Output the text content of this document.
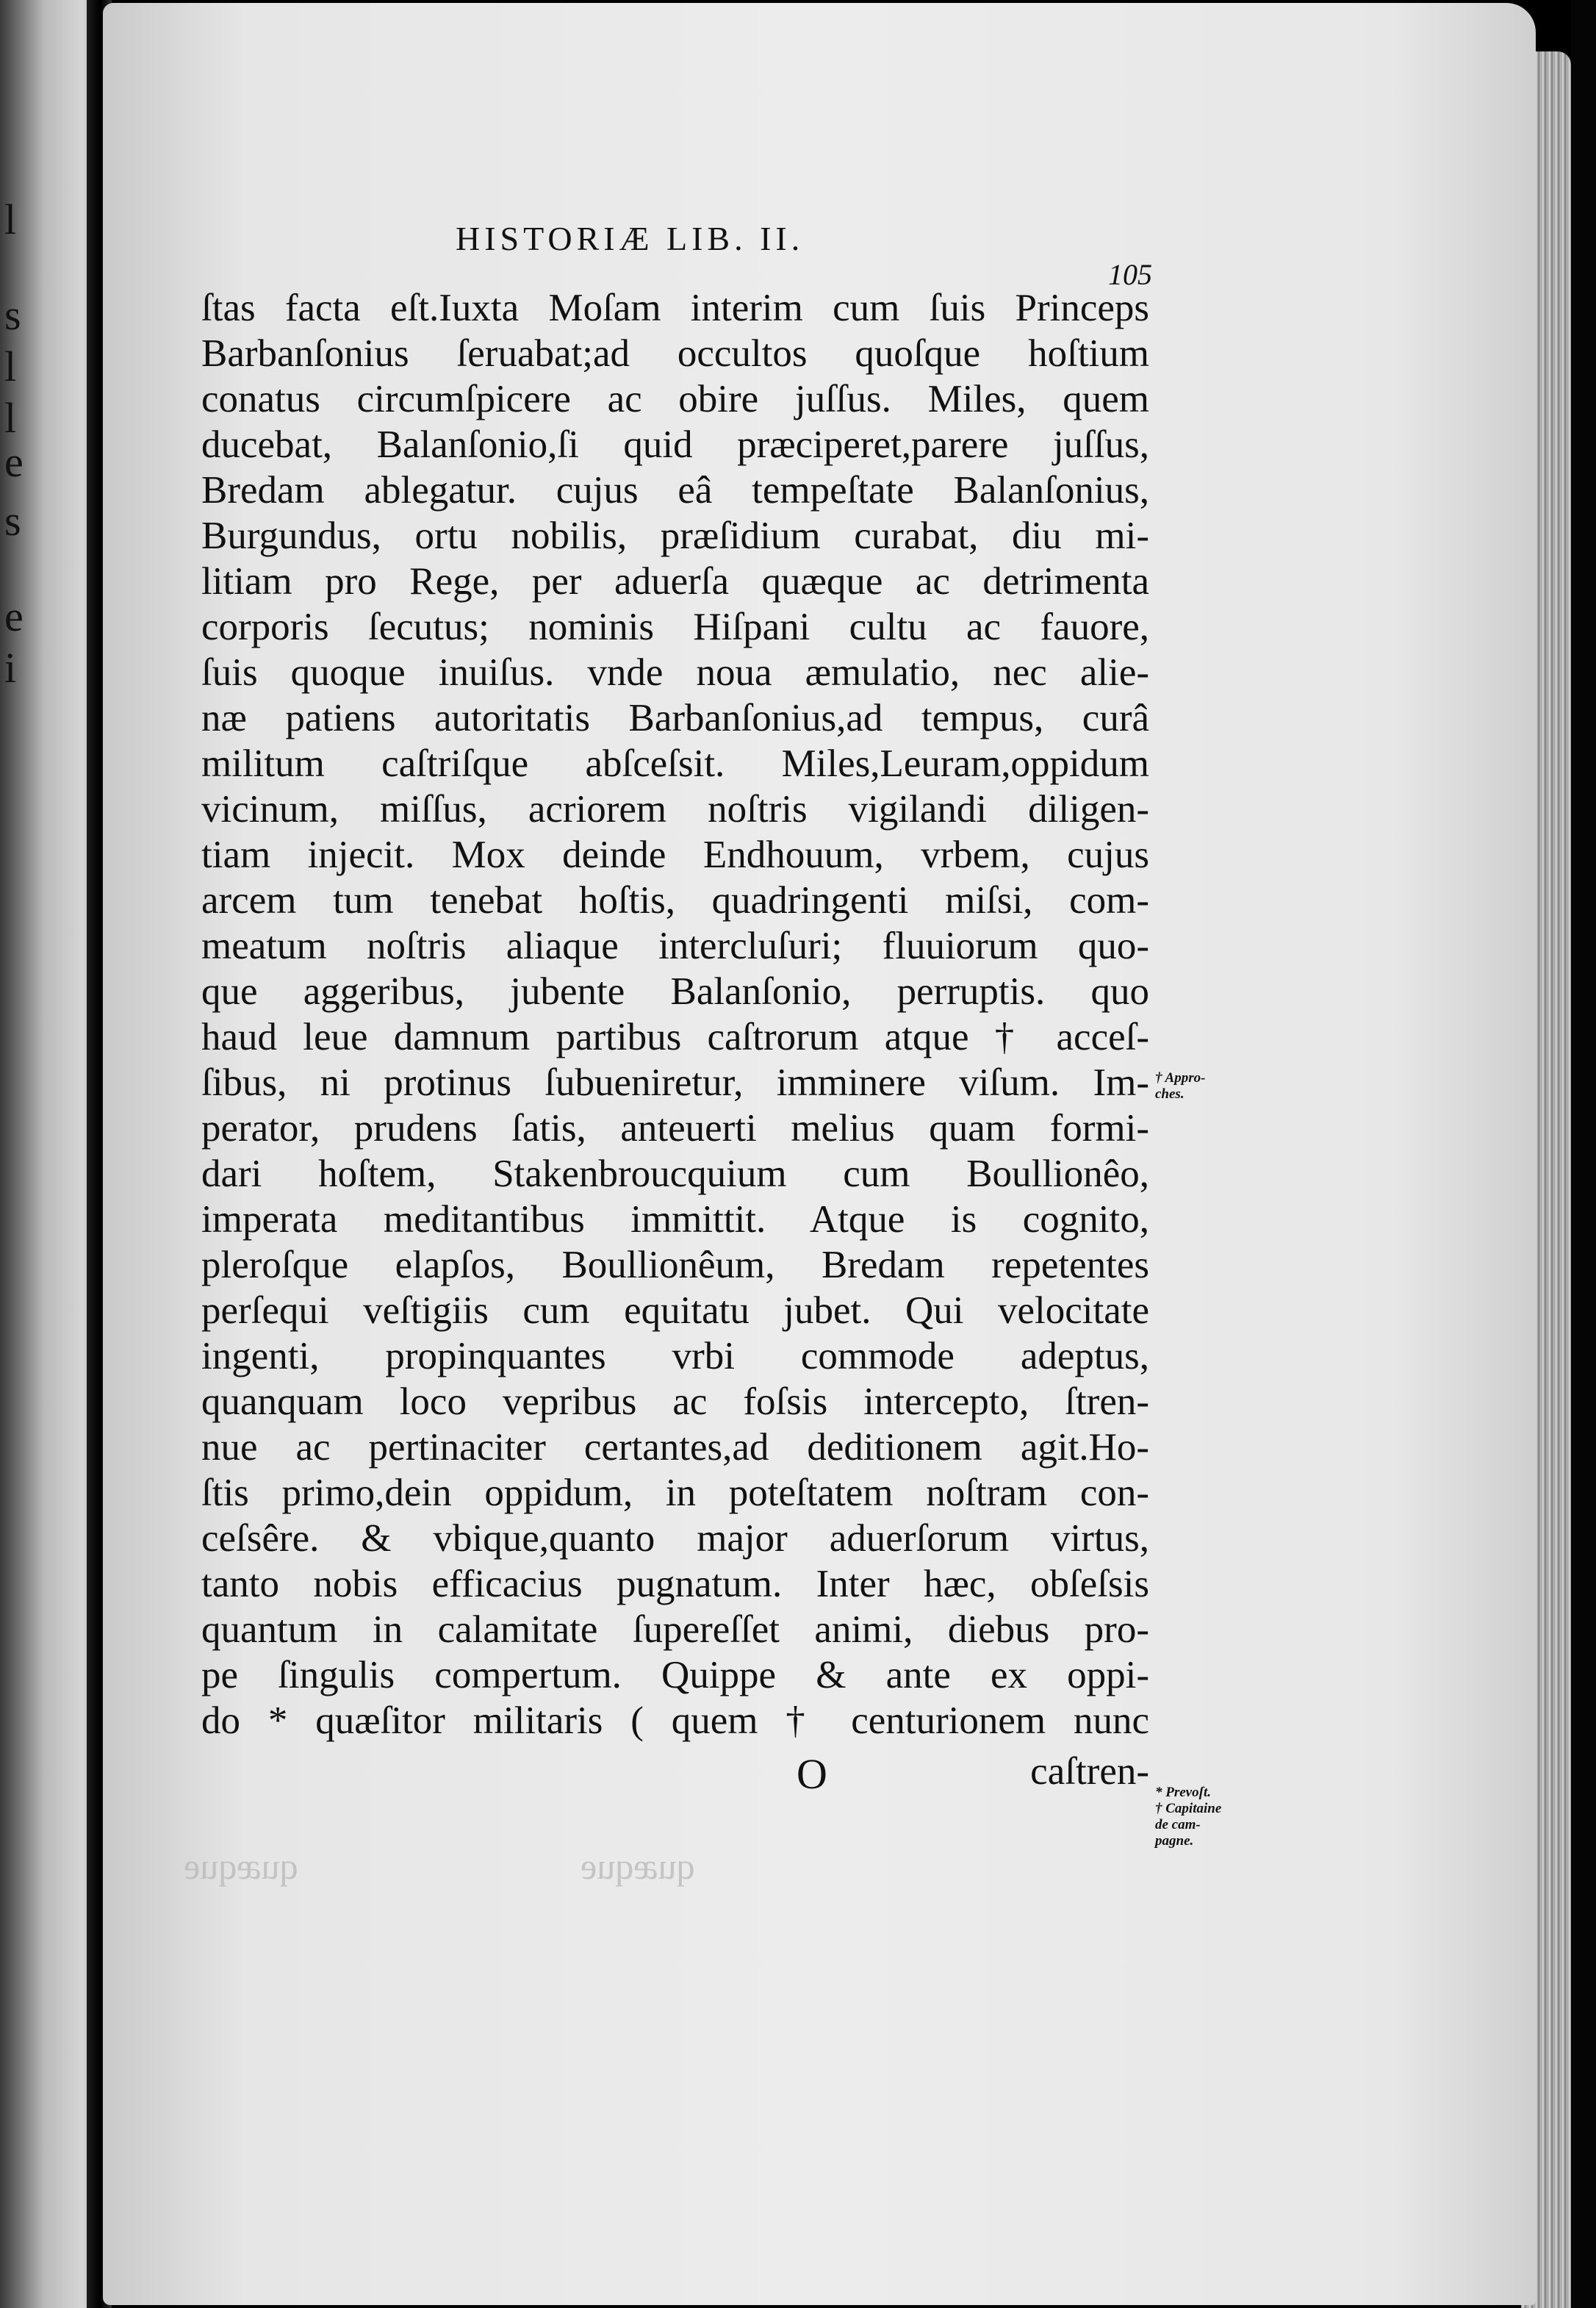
l
s
l
l
e
s
e
i
HISTORIÆ LIB. II.
105
ſtas facta eſt.Iuxta Moſam interim cum ſuis Princeps
Barbanſonius ſeruabat;ad occultos quoſque hoſtium
conatus circumſpicere ac obire juſſus. Miles, quem
ducebat, Balanſonio,ſi quid præciperet,parere juſſus,
Bredam ablegatur. cujus eâ tempeſtate Balanſonius,
Burgundus, ortu nobilis, præſidium curabat, diu mi-
litiam pro Rege, per aduerſa quæque ac detrimenta
corporis ſecutus; nominis Hiſpani cultu ac fauore,
ſuis quoque inuiſus. vnde noua æmulatio, nec alie-
næ patiens autoritatis Barbanſonius,ad tempus, curâ
militum caſtriſque abſceſsit. Miles,Leuram,oppidum
vicinum, miſſus, acriorem noſtris vigilandi diligen-
tiam injecit. Mox deinde Endhouum, vrbem, cujus
arcem tum tenebat hoſtis, quadringenti miſsi, com-
meatum noſtris aliaque intercluſuri; fluuiorum quo-
que aggeribus, jubente Balanſonio, perruptis. quo
haud leue damnum partibus caſtrorum atque † acceſ-
ſibus, ni protinus ſubueniretur, imminere viſum. Im-
perator, prudens ſatis, anteuerti melius quam formi-
dari hoſtem, Stakenbroucquium cum Boullionêo,
imperata meditantibus immittit. Atque is cognito,
pleroſque elapſos, Boullionêum, Bredam repetentes
perſequi veſtigiis cum equitatu jubet. Qui velocitate
ingenti, propinquantes vrbi commode adeptus,
quanquam loco vepribus ac foſsis intercepto, ſtren-
nue ac pertinaciter certantes,ad deditionem agit.Ho-
ſtis primo,dein oppidum, in poteſtatem noſtram con-
ceſsêre. & vbique,quanto major aduerſorum virtus,
tanto nobis efficacius pugnatum. Inter hæc, obſeſsis
quantum in calamitate ſupereſſet animi, diebus pro-
pe ſingulis compertum. Quippe & ante ex oppi-
do * quæſitor militaris ( quem † centurionem nunc
O	caſtren-
quæque	quæque
† Appro-
ches.
* Prevoſt.
† Capitaine
de cam-
pagne.
